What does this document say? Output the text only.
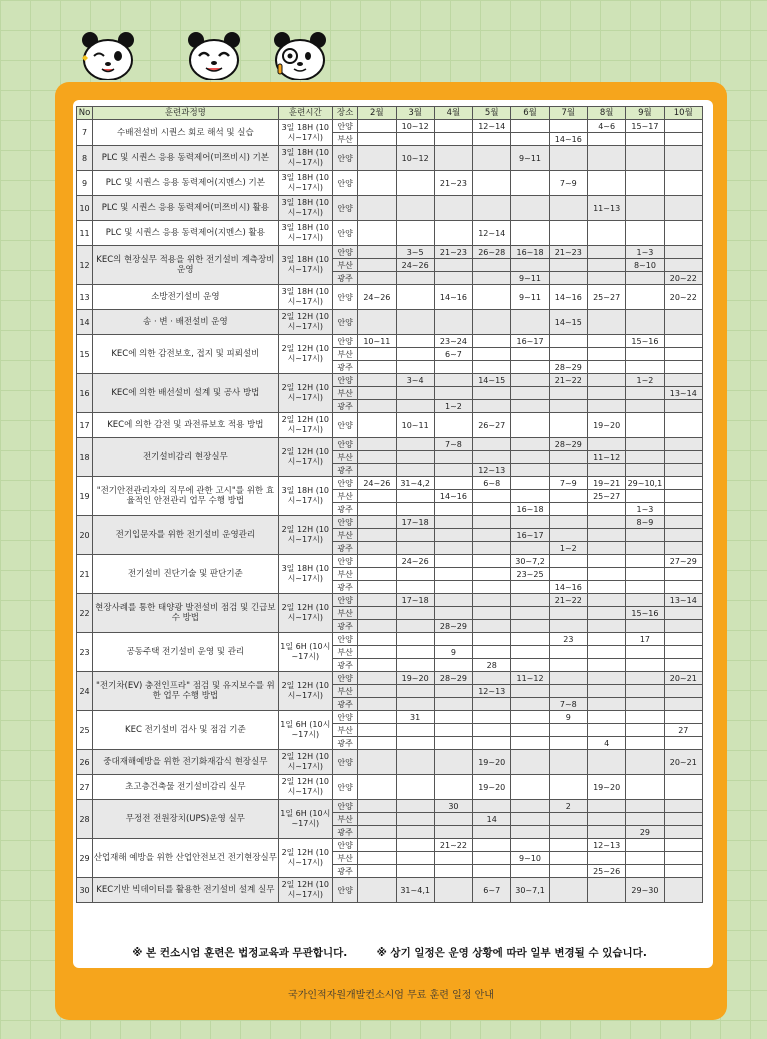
No	훈련과정명	훈련시간	장소	2월	3월	4월	5월	6월	7월	8월	9월	10월
7	수배전설비 시퀀스 회로 해석 및 실습	3일 18H (10시~17시)	안양		10~12		12~14			4~6	15~17	
			부산						14~16			
8	PLC 및 시퀀스 응용 동력제어(미쯔비시) 기본	3일 18H (10시~17시)	안양		10~12			9~11				
9	PLC 및 시퀀스 응용 동력제어(지멘스) 기본	3일 18H (10시~17시)	안양			21~23			7~9			
10	PLC 및 시퀀스 응용 동력제어(미쯔비시) 활용	3일 18H (10시~17시)	안양							11~13		
11	PLC 및 시퀀스 응용 동력제어(지멘스) 활용	3일 18H (10시~17시)	안양				12~14					
12	KEC의 현장실무 적용을 위한 전기설비 계측장비 운영	3일 18H (10시~17시)	안양		3~5	21~23	26~28	16~18	21~23		1~3	
			부산		24~26						8~10	
			광주					9~11				20~22
13	소방전기설비 운영	3일 18H (10시~17시)	안양	24~26		14~16		9~11	14~16	25~27		20~22
14	송 · 변 · 배전설비 운영	2일 12H (10시~17시)	안양						14~15			
15	KEC에 의한 감전보호, 접지 및 피뢰설비	2일 12H (10시~17시)	안양	10~11		23~24		16~17			15~16	
			부산			6~7						
			광주						28~29			
16	KEC에 의한 배선설비 설계 및 공사 방법	2일 12H (10시~17시)	안양		3~4		14~15		21~22		1~2	
			부산									13~14
			광주			1~2						
17	KEC에 의한 감전 및 과전류보호 적용 방법	2일 12H (10시~17시)	안양		10~11		26~27			19~20		
18	전기설비감리 현장실무	2일 12H (10시~17시)	안양			7~8			28~29			
			부산							11~12		
			광주				12~13					
19	"전기안전관리자의 직무에 관한 고시"를 위한 효율적인 안전관리 업무 수행 방법	3일 18H (10시~17시)	안양	24~26	31~4,2		6~8		7~9	19~21	29~10,1	
			부산			14~16				25~27		
			광주					16~18			1~3	
20	전기입문자를 위한 전기설비 운영관리	2일 12H (10시~17시)	안양		17~18						8~9	
			부산					16~17				
			광주						1~2			
21	전기설비 진단기술 및 판단기준	3일 18H (10시~17시)	안양		24~26			30~7,2				27~29
			부산					23~25				
			광주						14~16			
22	현장사례를 통한 태양광 발전설비 점검 및 긴급보수 방법	2일 12H (10시~17시)	안양		17~18				21~22			13~14
			부산								15~16	
			광주			28~29						
23	공동주택 전기설비 운영 및 관리	1일 6H (10시~17시)	안양						23		17	
			부산			9						
			광주				28					
24	"전기차(EV) 충전인프라" 점검 및 유지보수를 위한 업무 수행 방법	2일 12H (10시~17시)	안양		19~20	28~29		11~12				20~21
			부산				12~13					
			광주						7~8			
25	KEC 전기설비 검사 및 점검 기준	1일 6H (10시~17시)	안양		31				9			
			부산									27
			광주							4		
26	중대재해예방을 위한 전기화재감식 현장실무	2일 12H (10시~17시)	안양				19~20					20~21
27	초고층건축물 전기설비감리 실무	2일 12H (10시~17시)	안양				19~20			19~20		
28	무정전 전원장치(UPS)운영 실무	1일 6H (10시~17시)	안양			30			2			
			부산				14					
			광주								29	
29	산업재해 예방을 위한 산업안전보건 전기현장실무	2일 12H (10시~17시)	안양			21~22				12~13		
			부산					9~10				
			광주							25~26		
30	KEC기반 빅데이터를 활용한 전기설비 설계 실무	2일 12H (10시~17시)	안양		31~4,1		6~7	30~7,1			29~30	
※ 본 컨소시엄 훈련은 법정교육과 무관합니다.	※ 상기 일정은 운영 상황에 따라 일부 변경될 수 있습니다.
국가인적자원개발컨소시엄 무료 훈련 일정 안내
